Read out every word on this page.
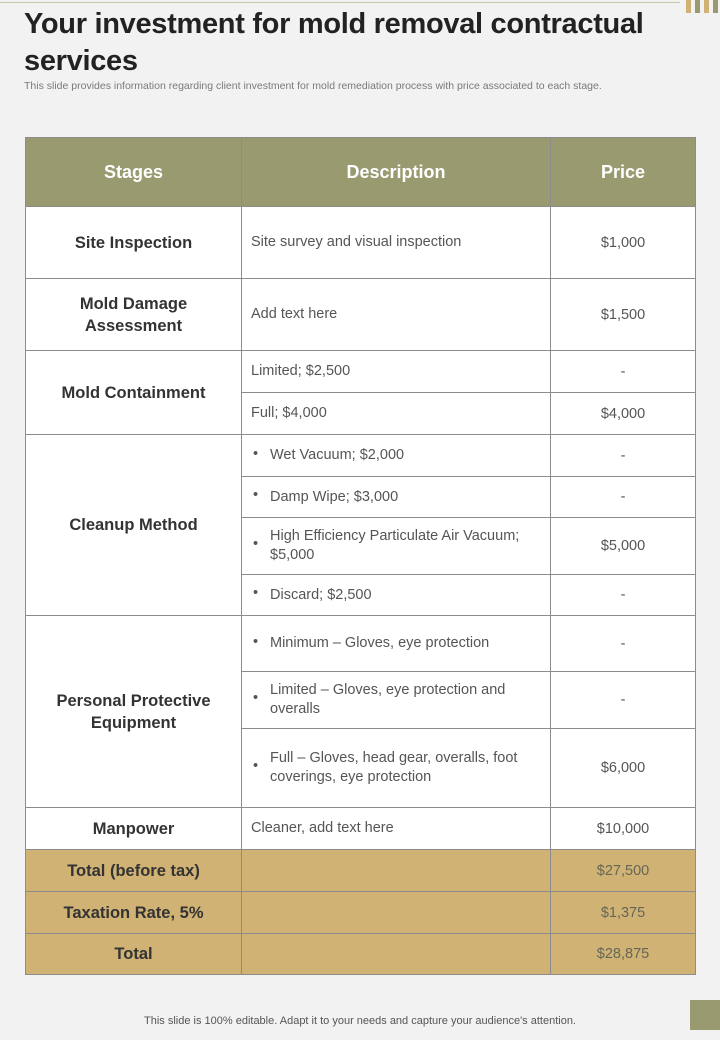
Your investment for mold removal contractual services
This slide provides information regarding client investment for mold remediation process with price associated to each stage.
Stages	Description	Price
Site Inspection	Site survey and visual inspection	$1,000
Mold Damage Assessment	Add text here	$1,500
Mold Containment	Limited; $2,500	-
	Full; $4,000	$4,000
Cleanup Method	• Wet Vacuum; $2,000	-
	• Damp Wipe; $3,000	-
	• High Efficiency Particulate Air Vacuum; $5,000	$5,000
	• Discard; $2,500	-
Personal Protective Equipment	• Minimum – Gloves, eye protection	-
	• Limited – Gloves, eye protection and overalls	-
	• Full – Gloves, head gear, overalls, foot coverings, eye protection	$6,000
Manpower	Cleaner, add text here	$10,000
Total (before tax)		$27,500
Taxation Rate, 5%		$1,375
Total		$28,875
This slide is 100% editable. Adapt it to your needs and capture your audience's attention.
